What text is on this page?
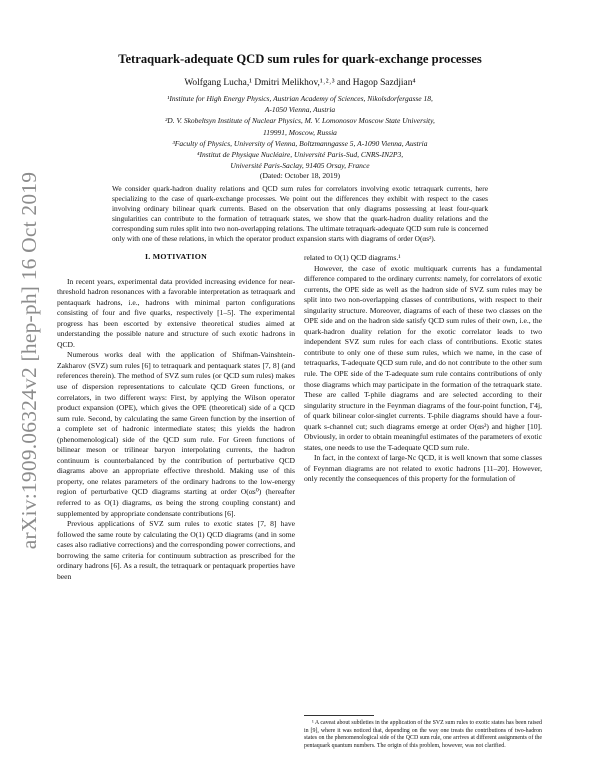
arXiv:1909.06324v2 [hep-ph] 16 Oct 2019
Tetraquark-adequate QCD sum rules for quark-exchange processes
Wolfgang Lucha,¹ Dmitri Melikhov,¹˒²˒³ and Hagop Sazdjian⁴
¹Institute for High Energy Physics, Austrian Academy of Sciences, Nikolsdorfergasse 18,
A-1050 Vienna, Austria
²D. V. Skobeltsyn Institute of Nuclear Physics, M. V. Lomonosov Moscow State University,
119991, Moscow, Russia
³Faculty of Physics, University of Vienna, Boltzmanngasse 5, A-1090 Vienna, Austria
⁴Institut de Physique Nucléaire, Université Paris-Sud, CNRS-IN2P3,
Université Paris-Saclay, 91405 Orsay, France
(Dated: October 18, 2019)

We consider quark-hadron duality relations and QCD sum rules for correlators involving exotic tetraquark currents, here specializing to the case of quark-exchange processes. We point out the differences they exhibit with respect to the cases involving ordinary bilinear quark currents. Based on the observation that only diagrams possessing at least four-quark singularities can contribute to the formation of tetraquark states, we show that the quark-hadron duality relations and the corresponding sum rules split into two non-overlapping relations. The ultimate tetraquark-adequate QCD sum rule is concerned only with one of these relations, in which the operator product expansion starts with diagrams of order O(αs²).

I. MOTIVATION

In recent years, experimental data provided increasing evidence for near-threshold hadron resonances with a favorable interpretation as tetraquark and pentaquark hadrons, i.e., hadrons with minimal parton configurations consisting of four and five quarks, respectively [1–5]. The experimental progress has been escorted by extensive theoretical studies aimed at understanding the possible nature and structure of such exotic hadrons in QCD.

Numerous works deal with the application of Shifman-Vainshtein-Zakharov (SVZ) sum rules [6] to tetraquark and pentaquark states [7, 8] (and references therein). The method of SVZ sum rules (or QCD sum rules) makes use of dispersion representations to calculate QCD Green functions, or correlators, in two different ways: First, by applying the Wilson operator product expansion (OPE), which gives the OPE (theoretical) side of a QCD sum rule. Second, by calculating the same Green function by the insertion of a complete set of hadronic intermediate states; this yields the hadron (phenomenological) side of the QCD sum rule. For Green functions of bilinear meson or trilinear baryon interpolating currents, the hadron continuum is counterbalanced by the contribution of perturbative QCD diagrams above an appropriate effective threshold. Making use of this property, one relates parameters of the ordinary hadrons to the low-energy region of perturbative QCD diagrams starting at order O(αs⁰) (hereafter referred to as O(1) diagrams, αs being the strong coupling constant) and supplemented by appropriate condensate contributions [6].

Previous applications of SVZ sum rules to exotic states [7, 8] have followed the same route by calculating the O(1) QCD diagrams (and in some cases also radiative corrections) and the corresponding power corrections, and borrowing the same criteria for continuum subtraction as prescribed for the ordinary hadrons [6]. As a result, the tetraquark or pentaquark properties have been

related to O(1) QCD diagrams.¹

However, the case of exotic multiquark currents has a fundamental difference compared to the ordinary currents: namely, for correlators of exotic currents, the OPE side as well as the hadron side of SVZ sum rules may be split into two non-overlapping classes of contributions, with respect to their singularity structure. Moreover, diagrams of each of these two classes on the OPE side and on the hadron side satisfy QCD sum rules of their own, i.e., the quark-hadron duality relation for the exotic correlator leads to two independent SVZ sum rules for each class of contributions. Exotic states contribute to only one of these sum rules, which we name, in the case of tetraquarks, T-adequate QCD sum rule, and do not contribute to the other sum rule. The OPE side of the T-adequate sum rule contains contributions of only those diagrams which may participate in the formation of the tetraquark state. These are called T-phile diagrams and are selected according to their singularity structure in the Feynman diagrams of the four-point function, Γ4j, of quark bilinear color-singlet currents. T-phile diagrams should have a four-quark s-channel cut; such diagrams emerge at order O(αs²) and higher [10]. Obviously, in order to obtain meaningful estimates of the parameters of exotic states, one needs to use the T-adequate QCD sum rule.

In fact, in the context of large-Nc QCD, it is well known that some classes of Feynman diagrams are not related to exotic hadrons [11–20]. However, only recently the consequences of this property for the formulation of

¹ A caveat about subtleties in the application of the SVZ sum rules to exotic states has been raised in [9], where it was noticed that, depending on the way one treats the contributions of two-hadron states on the phenomenological side of the QCD sum rule, one arrives at different assignments of the pentaquark quantum numbers. The origin of this problem, however, was not clarified.
